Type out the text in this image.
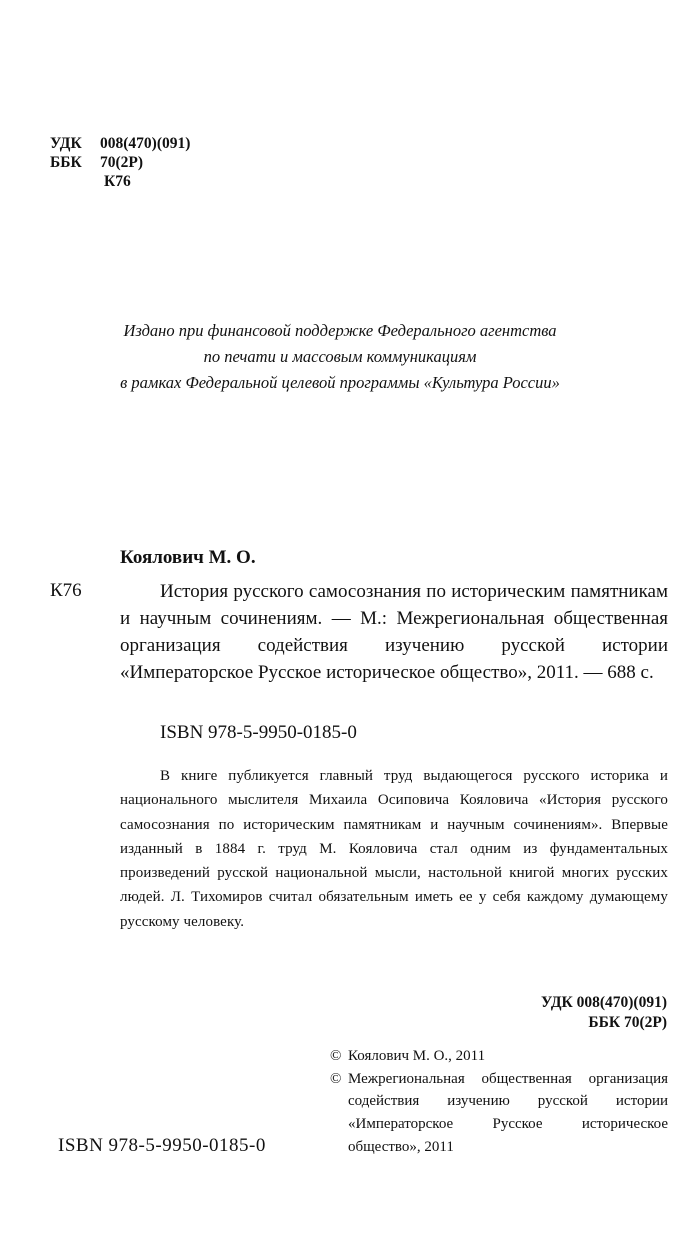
УДК	008(470)(091)
ББК	70(2Р)
К76
Издано при финансовой поддержке Федерального агентства
по печати и массовым коммуникациям
в рамках Федеральной целевой программы «Культура России»
Коялович М. О.
К76	История русского самосознания по историческим памятникам и научным сочинениям. — М.: Межрегиональная общественная организация содействия изучению русской истории «Императорское Русское историческое общество», 2011. — 688 с.
ISBN 978-5-9950-0185-0
В книге публикуется главный труд выдающегося русского историка и национального мыслителя Михаила Осиповича Кояловича «История русского самосознания по историческим памятникам и научным сочинениям». Впервые изданный в 1884 г. труд М. Кояловича стал одним из фундаментальных произведений русской национальной мысли, настольной книгой многих русских людей. Л. Тихомиров считал обязательным иметь ее у себя каждому думающему русскому человеку.
УДК 008(470)(091)
ББК 70(2Р)
© Коялович М. О., 2011
© Межрегиональная общественная организация содействия изучению русской истории «Императорское Русское историческое общество», 2011
ISBN 978-5-9950-0185-0
